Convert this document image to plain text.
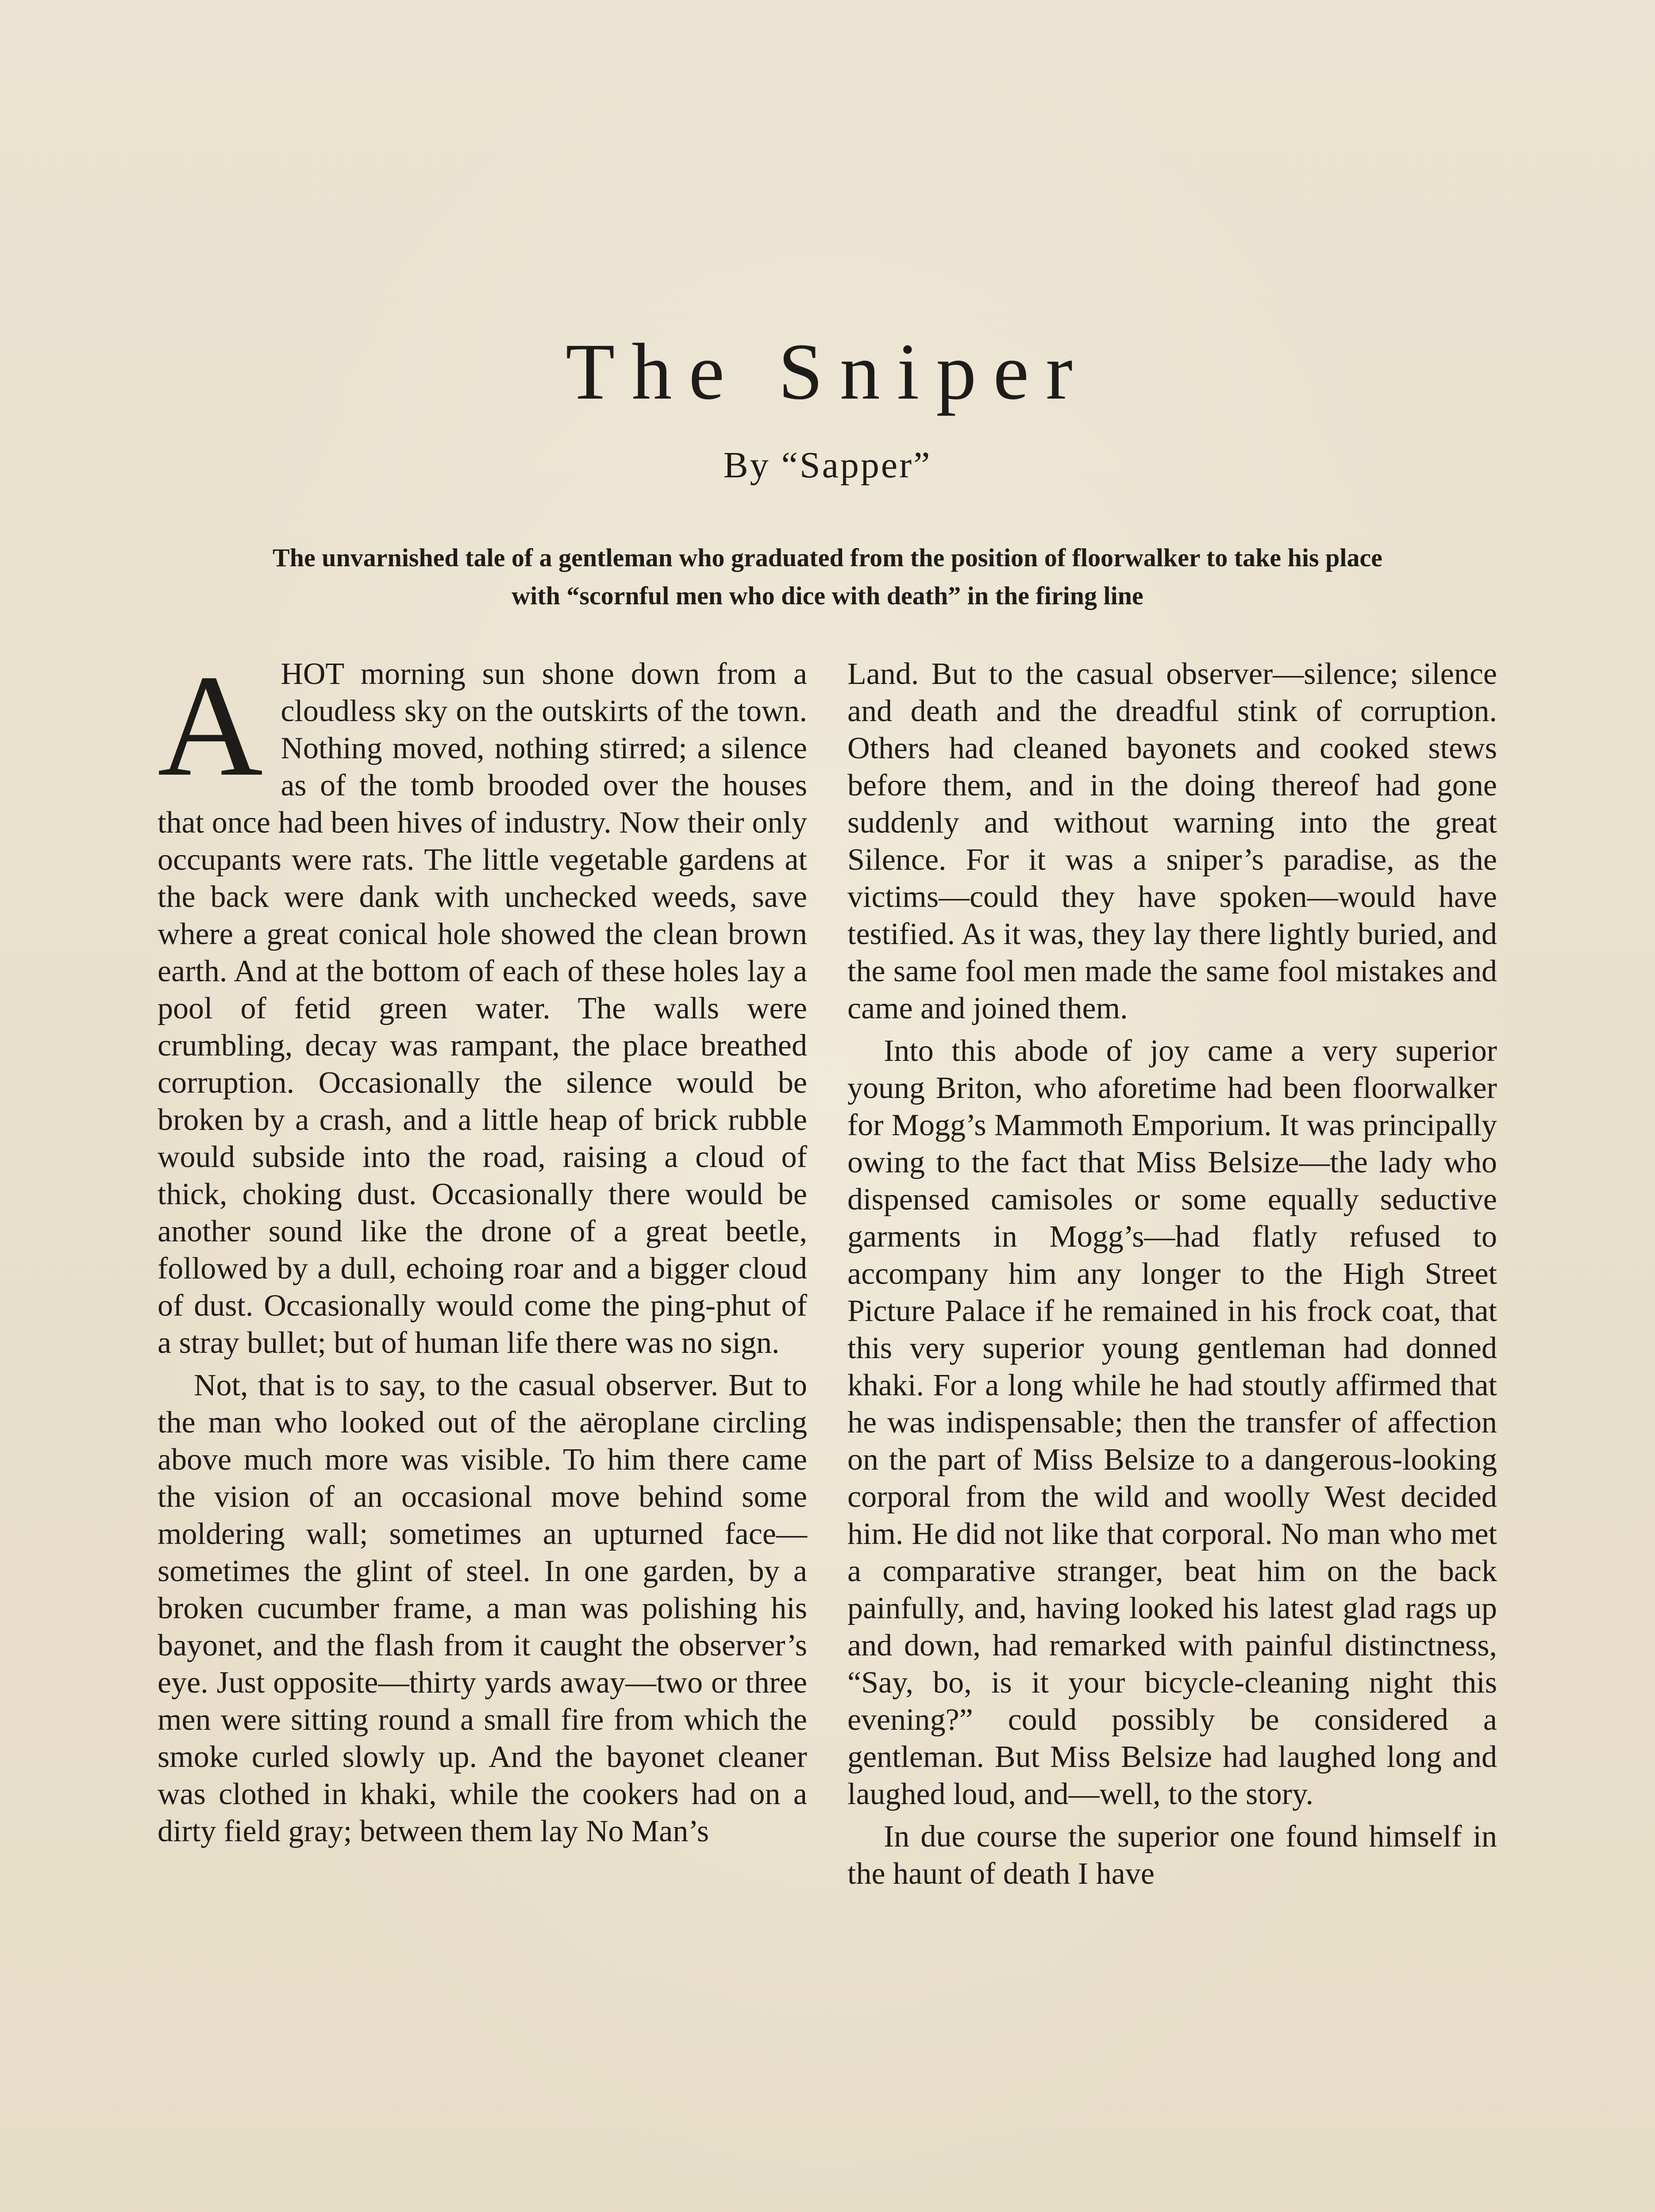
The Sniper
By “Sapper”
The unvarnished tale of a gentleman who graduated from the position of floorwalker to take his place with “scornful men who dice with death” in the firing line

AHOT morning sun shone down from a cloudless sky on the outskirts of the town. Nothing moved, nothing stirred; a silence as of the tomb brooded over the houses that once had been hives of industry. Now their only occupants were rats. The little vegetable gardens at the back were dank with unchecked weeds, save where a great conical hole showed the clean brown earth. And at the bottom of each of these holes lay a pool of fetid green water. The walls were crumbling, decay was rampant, the place breathed corruption. Occasionally the silence would be broken by a crash, and a little heap of brick rubble would subside into the road, raising a cloud of thick, choking dust. Occasionally there would be another sound like the drone of a great beetle, followed by a dull, echoing roar and a bigger cloud of dust. Occasionally would come the ping-phut of a stray bullet; but of human life there was no sign.

Not, that is to say, to the casual observer. But to the man who looked out of the aëroplane circling above much more was visible. To him there came the vision of an occasional move behind some moldering wall; sometimes an upturned face—sometimes the glint of steel. In one garden, by a broken cucumber frame, a man was polishing his bayonet, and the flash from it caught the observer’s eye. Just opposite—thirty yards away—two or three men were sitting round a small fire from which the smoke curled slowly up. And the bayonet cleaner was clothed in khaki, while the cookers had on a dirty field gray; between them lay No Man’s

Land. But to the casual observer—silence; silence and death and the dreadful stink of corruption. Others had cleaned bayonets and cooked stews before them, and in the doing thereof had gone suddenly and without warning into the great Silence. For it was a sniper’s paradise, as the victims—could they have spoken—would have testified. As it was, they lay there lightly buried, and the same fool men made the same fool mistakes and came and joined them.

Into this abode of joy came a very superior young Briton, who aforetime had been floorwalker for Mogg’s Mammoth Emporium. It was principally owing to the fact that Miss Belsize—the lady who dispensed camisoles or some equally seductive garments in Mogg’s—had flatly refused to accompany him any longer to the High Street Picture Palace if he remained in his frock coat, that this very superior young gentleman had donned khaki. For a long while he had stoutly affirmed that he was indispensable; then the transfer of affection on the part of Miss Belsize to a dangerous-looking corporal from the wild and woolly West decided him. He did not like that corporal. No man who met a comparative stranger, beat him on the back painfully, and, having looked his latest glad rags up and down, had remarked with painful distinctness, “Say, bo, is it your bicycle-cleaning night this evening?” could possibly be considered a gentleman. But Miss Belsize had laughed long and laughed loud, and—well, to the story.

In due course the superior one found himself in the haunt of death I have
